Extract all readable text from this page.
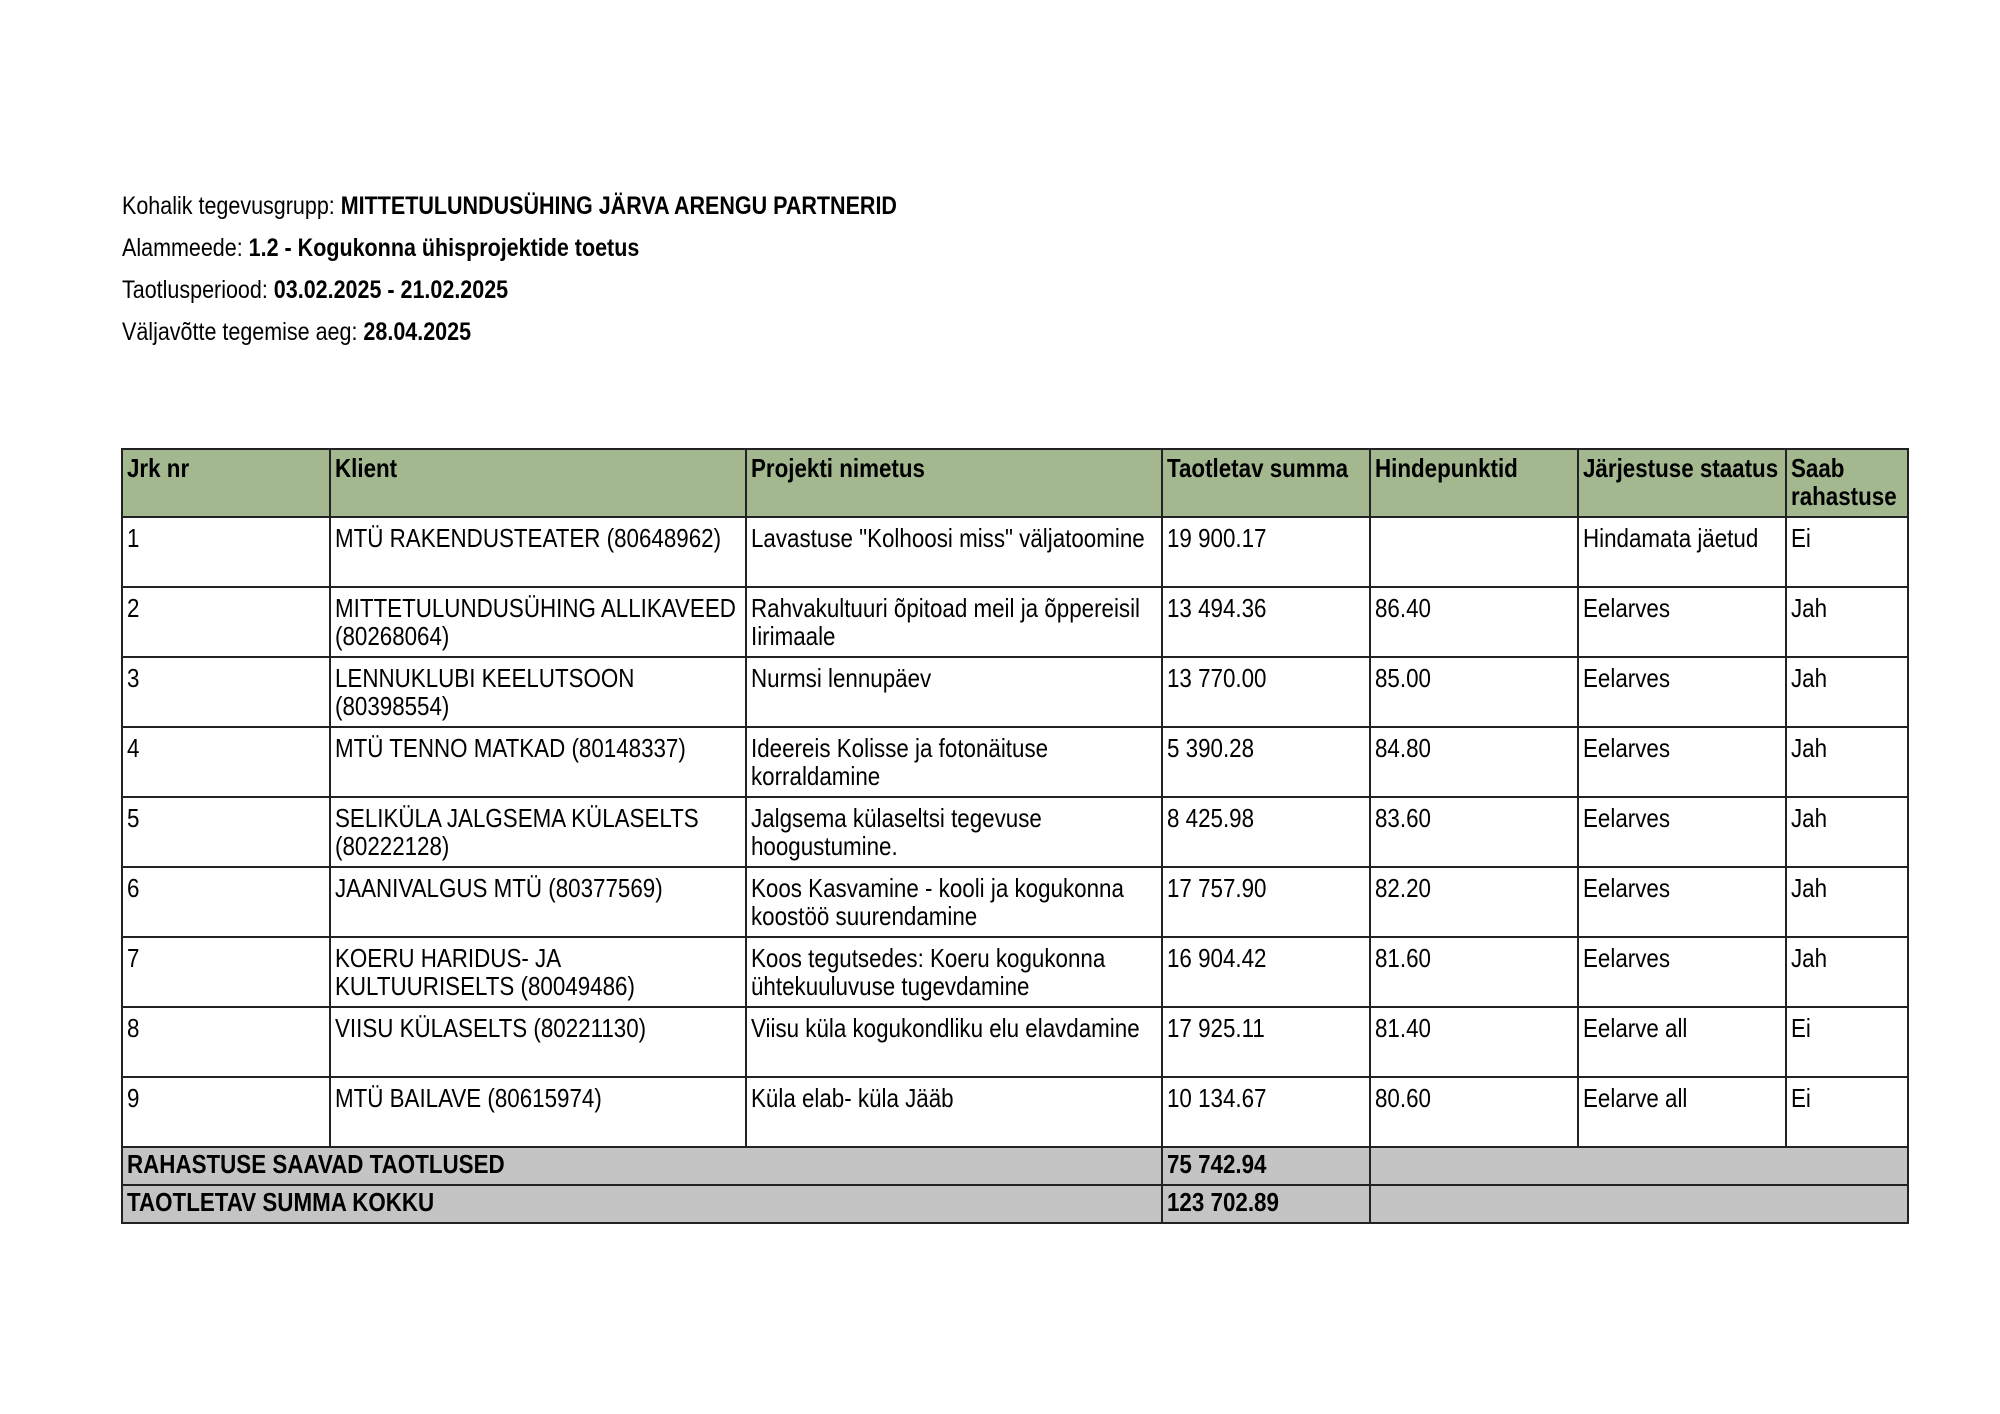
Kohalik tegevusgrupp: MITTETULUNDUSÜHING JÄRVA ARENGU PARTNERID
Alammeede: 1.2 - Kogukonna ühisprojektide toetus
Taotlusperiood: 03.02.2025 - 21.02.2025
Väljavõtte tegemise aeg: 28.04.2025
Jrk nr	Klient	Projekti nimetus	Taotletav summa	Hindepunktid	Järjestuse staatus	Saab rahastuse

1	MTÜ RAKENDUSTEATER (80648962)	Lavastuse "Kolhoosi miss" väljatoomine	19 900.17		Hindamata jäetud	Ei

2	MITTETULUNDUSÜHING ALLIKAVEED (80268064)	Rahvakultuuri õpitoad meil ja õppereisil Iirimaale	13 494.36	86.40	Eelarves	Jah

3	LENNUKLUBI KEELUTSOON (80398554)	Nurmsi lennupäev	13 770.00	85.00	Eelarves	Jah

4	MTÜ TENNO MATKAD (80148337)	Ideereis Kolisse ja fotonäituse korraldamine	5 390.28	84.80	Eelarves	Jah

5	SELIKÜLA JALGSEMA KÜLASELTS (80222128)	Jalgsema külaseltsi tegevuse hoogustumine.	8 425.98	83.60	Eelarves	Jah

6	JAANIVALGUS MTÜ (80377569)	Koos Kasvamine - kooli ja kogukonna koostöö suurendamine	17 757.90	82.20	Eelarves	Jah

7	KOERU HARIDUS- JA KULTUURISELTS (80049486)	Koos tegutsedes: Koeru kogukonna ühtekuuluvuse tugevdamine	16 904.42	81.60	Eelarves	Jah

8	VIISU KÜLASELTS (80221130)	Viisu küla kogukondliku elu elavdamine	17 925.11	81.40	Eelarve all	Ei

9	MTÜ BAILAVE (80615974)	Küla elab- küla Jääb	10 134.67	80.60	Eelarve all	Ei

RAHASTUSE SAAVAD TAOTLUSED			75 742.94			

TAOTLETAV SUMMA KOKKU			123 702.89			
